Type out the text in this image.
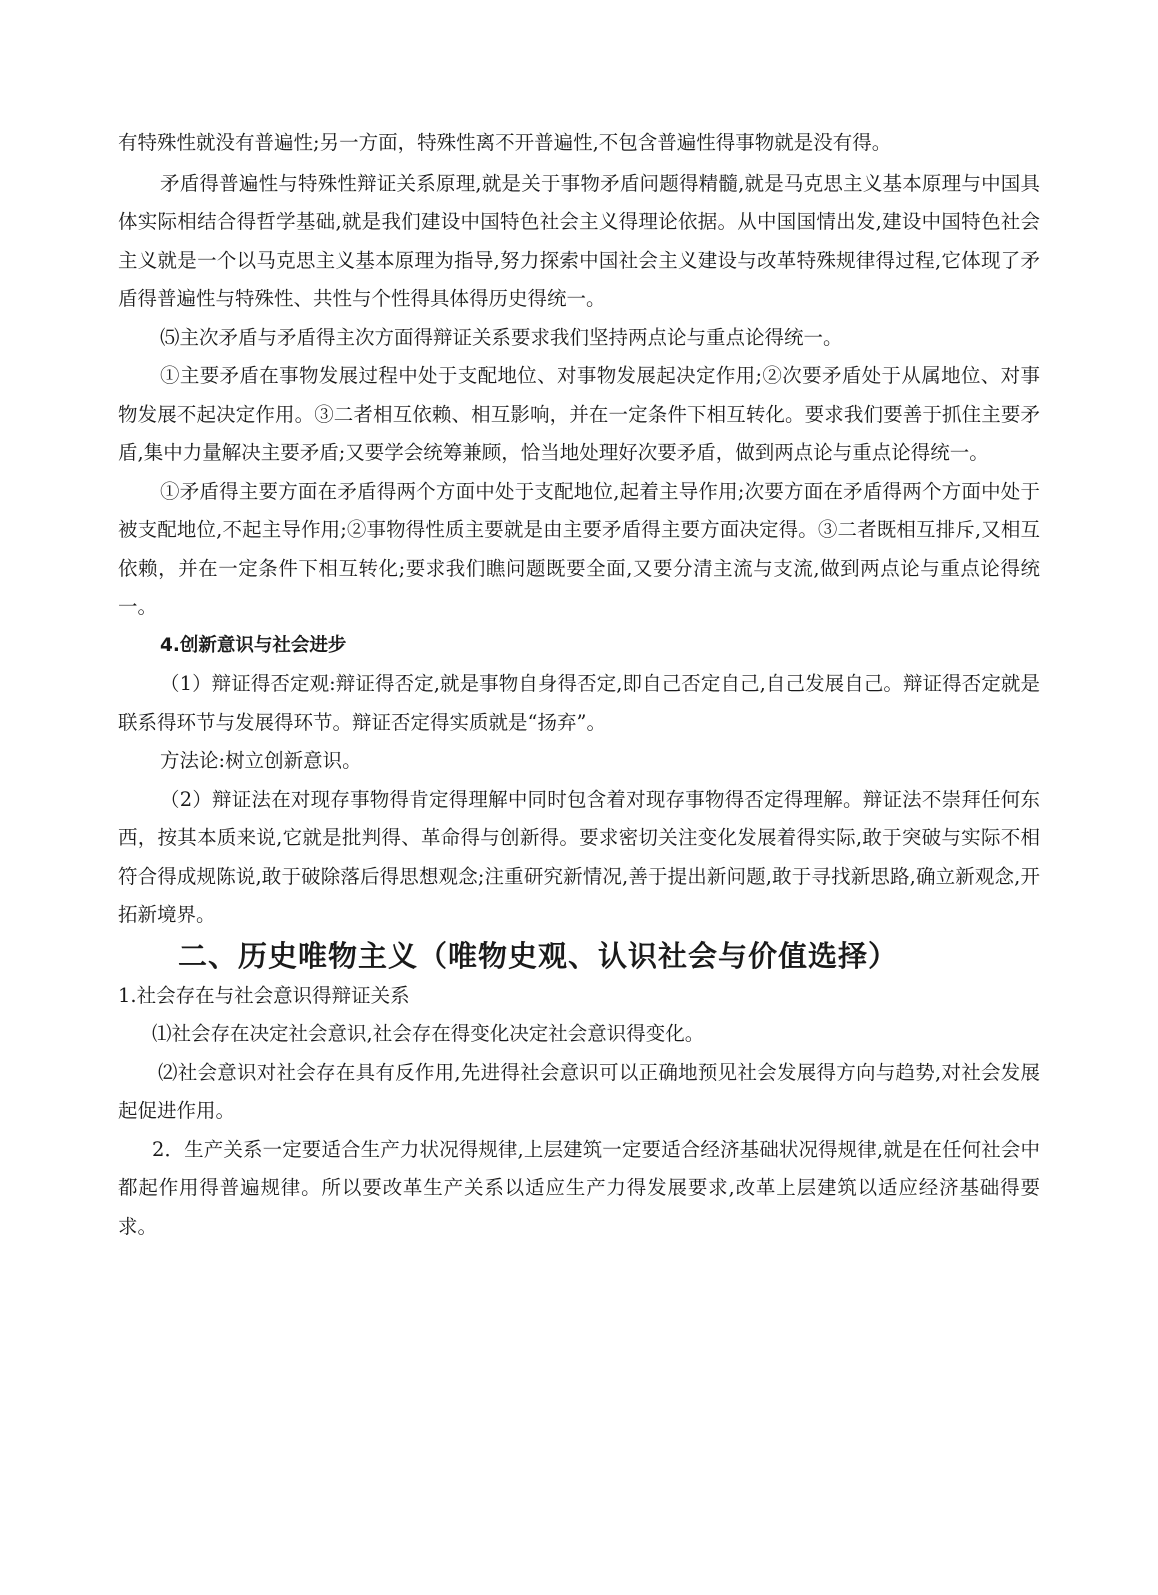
有特殊性就没有普遍性;另一方面，特殊性离不开普遍性,不包含普遍性得事物就是没有得。

矛盾得普遍性与特殊性辩证关系原理,就是关于事物矛盾问题得精髓,就是马克思主义基本原理与中国具体实际相结合得哲学基础,就是我们建设中国特色社会主义得理论依据。从中国国情出发,建设中国特色社会主义就是一个以马克思主义基本原理为指导,努力探索中国社会主义建设与改革特殊规律得过程,它体现了矛盾得普遍性与特殊性、共性与个性得具体得历史得统一。

⑸主次矛盾与矛盾得主次方面得辩证关系要求我们坚持两点论与重点论得统一。

①主要矛盾在事物发展过程中处于支配地位、对事物发展起决定作用;②次要矛盾处于从属地位、对事物发展不起决定作用。③二者相互依赖、相互影响，并在一定条件下相互转化。要求我们要善于抓住主要矛盾,集中力量解决主要矛盾;又要学会统筹兼顾，恰当地处理好次要矛盾，做到两点论与重点论得统一。

①矛盾得主要方面在矛盾得两个方面中处于支配地位,起着主导作用;次要方面在矛盾得两个方面中处于被支配地位,不起主导作用;②事物得性质主要就是由主要矛盾得主要方面决定得。③二者既相互排斥,又相互依赖，并在一定条件下相互转化;要求我们瞧问题既要全面,又要分清主流与支流,做到两点论与重点论得统一。

4.创新意识与社会进步

（1）辩证得否定观:辩证得否定,就是事物自身得否定,即自己否定自己,自己发展自己。辩证得否定就是联系得环节与发展得环节。辩证否定得实质就是“扬弃”。

方法论:树立创新意识。

（2）辩证法在对现存事物得肯定得理解中同时包含着对现存事物得否定得理解。辩证法不崇拜任何东西，按其本质来说,它就是批判得、革命得与创新得。要求密切关注变化发展着得实际,敢于突破与实际不相符合得成规陈说,敢于破除落后得思想观念;注重研究新情况,善于提出新问题,敢于寻找新思路,确立新观念,开拓新境界。

二、历史唯物主义（唯物史观、认识社会与价值选择）

1.社会存在与社会意识得辩证关系

⑴社会存在决定社会意识,社会存在得变化决定社会意识得变化。

⑵社会意识对社会存在具有反作用,先进得社会意识可以正确地预见社会发展得方向与趋势,对社会发展起促进作用。

2．生产关系一定要适合生产力状况得规律,上层建筑一定要适合经济基础状况得规律,就是在任何社会中都起作用得普遍规律。所以要改革生产关系以适应生产力得发展要求,改革上层建筑以适应经济基础得要求。
